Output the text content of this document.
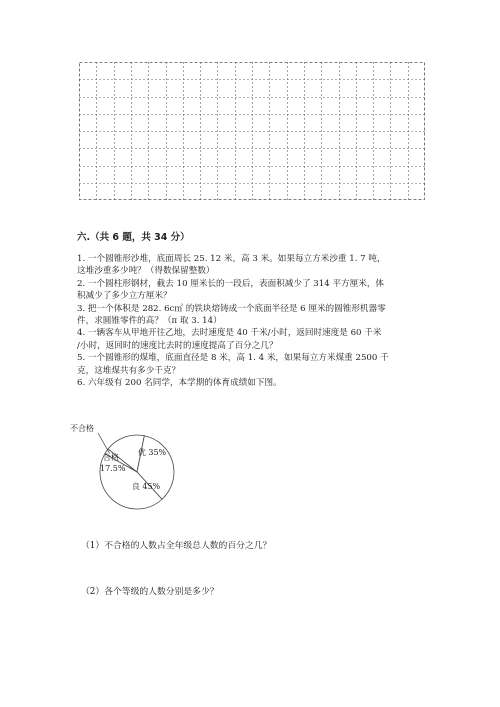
六.（共 6 题，共 34 分）
1. 一个圆锥形沙堆，底面周长 25. 12 米，高 3 米。如果每立方米沙重 1. 7 吨，
这堆沙重多少吨？（得数保留整数）
2. 一个圆柱形钢材，截去 10 厘米长的一段后，表面积减少了 314 平方厘米，体
积减少了多少立方厘米？
3. 把一个体积是 282. 6c㎡ 的铁块熔铸成一个底面半径是 6 厘米的圆锥形机器零
件，求圆锥零件的高？（π 取 3. 14）
4. 一辆客车从甲地开往乙地，去时速度是 40 千米/小时，返回时速度是 60 千米
/小时，返回时的速度比去时的速度提高了百分之几？
5. 一个圆锥形的煤堆，底面直径是 8 米，高 1. 4 米，如果每立方米煤重 2500 千
克，这堆煤共有多少千克？
6. 六年级有 200 名同学，本学期的体育成绩如下图。
不合格
合格
17.5%
优 35%
良 45%
（1）不合格的人数占全年级总人数的百分之几？
（2）各个等级的人数分别是多少？
